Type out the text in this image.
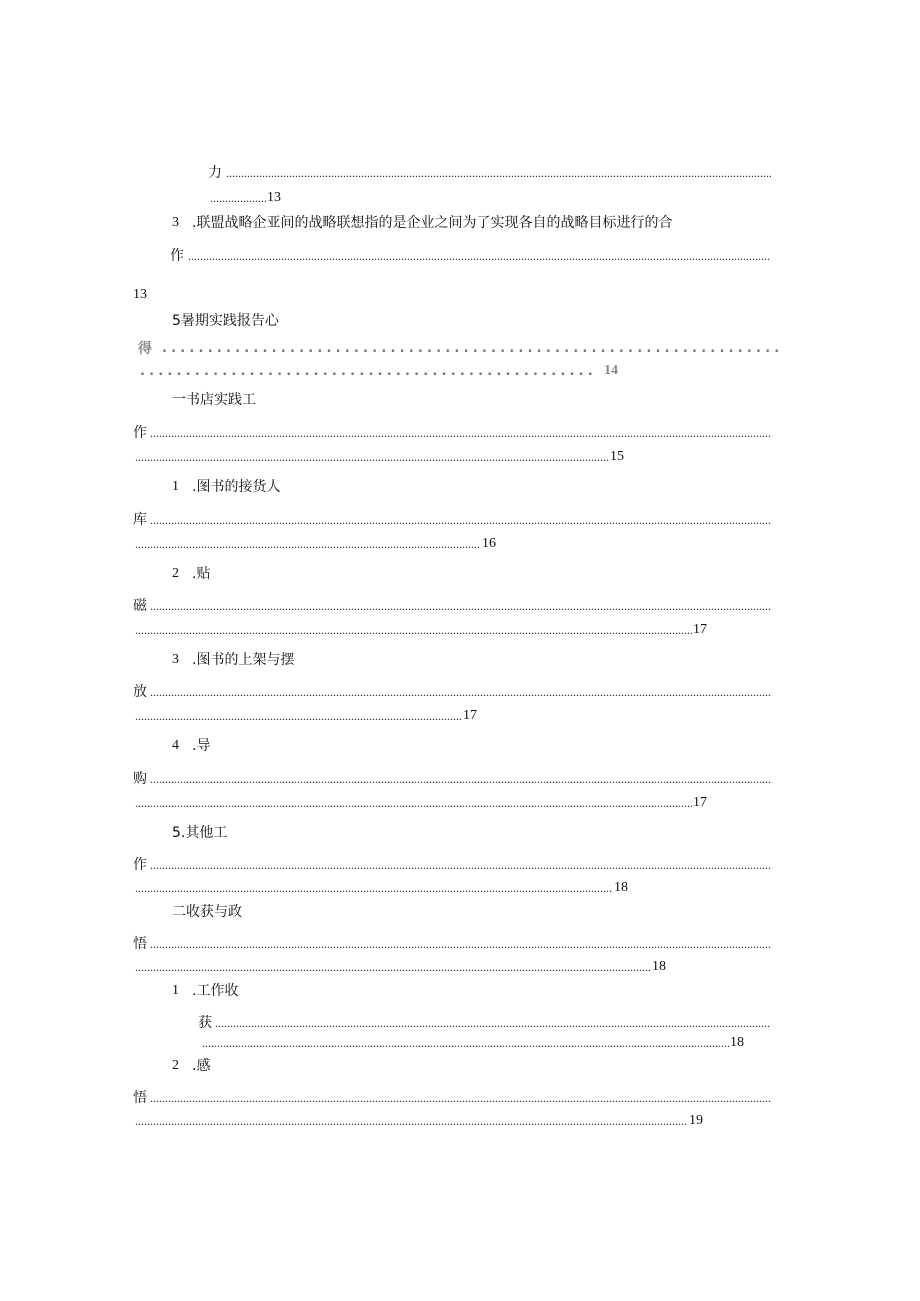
力
.....
.....
13
3 .联盟战略企亚间的战略联想指的是企业之间为了实现各自的战略目标进行的合
作
.....
13
5暑期实践报告心
得
.....
.....
14
一书店实践工
作
.....
.....
15
1 .图书的接货人
库
.....
.....
16
2 .贴
磁
.....
.....
17
3 .图书的上架与摆
放
.....
.....
17
4 .导
购
.....
.....
17
5.其他工
作
.....
.....
18
二收获与政
悟
.....
.....
18
1 .工作收
获
.....
.....
18
2 .感
悟
.....
.....
19
